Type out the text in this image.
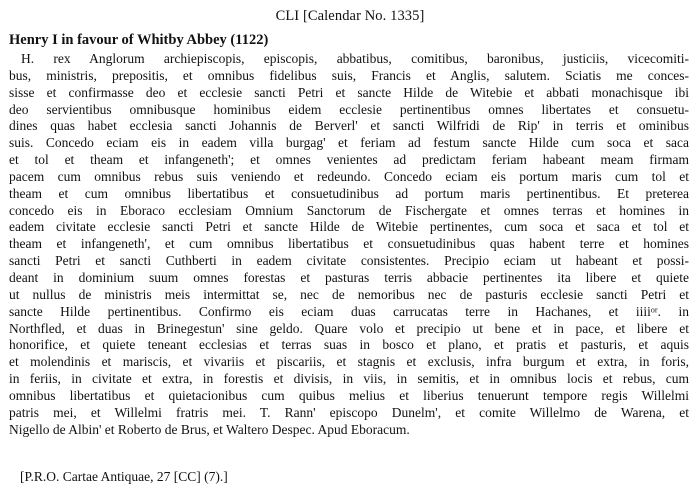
CLI [Calendar No. 1335]
Henry I in favour of Whitby Abbey (1122)
H. rex Anglorum archiepiscopis, episcopis, abbatibus, comitibus, baronibus, justiciis, vicecomiti-
bus, ministris, prepositis, et omnibus fidelibus suis, Francis et Anglis, salutem. Sciatis me conces-
sisse et confirmasse deo et ecclesie sancti Petri et sancte Hilde de Witebie et abbati monachisque ibi
deo servientibus omnibusque hominibus eidem ecclesie pertinentibus omnes libertates et consuetu-
dines quas habet ecclesia sancti Johannis de Berverl' et sancti Wilfridi de Rip' in terris et ominibus
suis. Concedo eciam eis in eadem villa burgag' et feriam ad festum sancte Hilde cum soca et saca
et tol et theam et infangeneth'; et omnes venientes ad predictam feriam habeant meam firmam
pacem cum omnibus rebus suis veniendo et redeundo. Concedo eciam eis portum maris cum tol et
theam et cum omnibus libertatibus et consuetudinibus ad portum maris pertinentibus. Et preterea
concedo eis in Eboraco ecclesiam Omnium Sanctorum de Fischergate et omnes terras et homines in
eadem civitate ecclesie sancti Petri et sancte Hilde de Witebie pertinentes, cum soca et saca et tol et
theam et infangeneth', et cum omnibus libertatibus et consuetudinibus quas habent terre et homines
sancti Petri et sancti Cuthberti in eadem civitate consistentes. Precipio eciam ut habeant et possi-
deant in dominium suum omnes forestas et pasturas terris abbacie pertinentes ita libere et quiete
ut nullus de ministris meis intermittat se, nec de nemoribus nec de pasturis ecclesie sancti Petri et
sancte Hilde pertinentibus. Confirmo eis eciam duas carrucatas terre in Hachanes, et iiiiᵒʳ. in
Northfled, et duas in Brinegestun' sine geldo. Quare volo et precipio ut bene et in pace, et libere et
honorifice, et quiete teneant ecclesias et terras suas in bosco et plano, et pratis et pasturis, et aquis
et molendinis et mariscis, et vivariis et piscariis, et stagnis et exclusis, infra burgum et extra, in foris,
in feriis, in civitate et extra, in forestis et divisis, in viis, in semitis, et in omnibus locis et rebus, cum
omnibus libertatibus et quietacionibus cum quibus melius et liberius tenuerunt tempore regis Willelmi
patris mei, et Willelmi fratris mei. T. Rann' episcopo Dunelm', et comite Willelmo de Warena, et
Nigello de Albin' et Roberto de Brus, et Waltero Despec. Apud Eboracum.
[P.R.O. Cartae Antiquae, 27 [CC] (7).]
